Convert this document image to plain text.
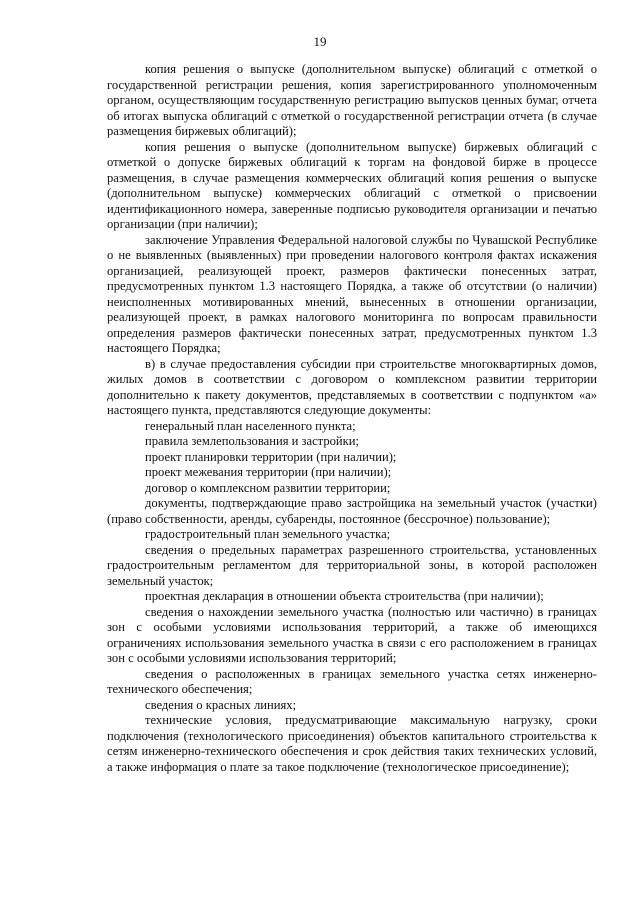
19

копия решения о выпуске (дополнительном выпуске) облигаций с отметкой о государственной регистрации решения, копия зарегистрированного уполномоченным органом, осуществляющим государственную регистрацию выпусков ценных бумаг, отчета об итогах выпуска облигаций с отметкой о государственной регистрации отчета (в случае размещения биржевых облигаций);

копия решения о выпуске (дополнительном выпуске) биржевых облигаций с отметкой о допуске биржевых облигаций к торгам на фондовой бирже в процессе размещения, в случае размещения коммерческих облигаций копия решения о выпуске (дополнительном выпуске) коммерческих облигаций с отметкой о присвоении идентификационного номера, заверенные подписью руководителя организации и печатью организации (при наличии);

заключение Управления Федеральной налоговой службы по Чувашской Республике о не выявленных (выявленных) при проведении налогового контроля фактах искажения организацией, реализующей проект, размеров фактически понесенных затрат, предусмотренных пунктом 1.3 настоящего Порядка, а также об отсутствии (о наличии) неисполненных мотивированных мнений, вынесенных в отношении организации, реализующей проект, в рамках налогового мониторинга по вопросам правильности определения размеров фактически понесенных затрат, предусмотренных пунктом 1.3 настоящего Порядка;

в) в случае предоставления субсидии при строительстве многоквартирных домов, жилых домов в соответствии с договором о комплексном развитии территории дополнительно к пакету документов, представляемых в соответствии с подпунктом «а» настоящего пункта, представляются следующие документы:

генеральный план населенного пункта;

правила землепользования и застройки;

проект планировки территории (при наличии);

проект межевания территории (при наличии);

договор о комплексном развитии территории;

документы, подтверждающие право застройщика на земельный участок (участки) (право собственности, аренды, субаренды, постоянное (бессрочное) пользование);

градостроительный план земельного участка;

сведения о предельных параметрах разрешенного строительства, установленных градостроительным регламентом для территориальной зоны, в которой расположен земельный участок;

проектная декларация в отношении объекта строительства (при наличии);

сведения о нахождении земельного участка (полностью или частично) в границах зон с особыми условиями использования территорий, а также об имеющихся ограничениях использования земельного участка в связи с его расположением в границах зон с особыми условиями использования территорий;

сведения о расположенных в границах земельного участка сетях инженерно-технического обеспечения;

сведения о красных линиях;

технические условия, предусматривающие максимальную нагрузку, сроки подключения (технологического присоединения) объектов капитального строительства к сетям инженерно-технического обеспечения и срок действия таких технических условий, а также информация о плате за такое подключение (технологическое присоединение);
